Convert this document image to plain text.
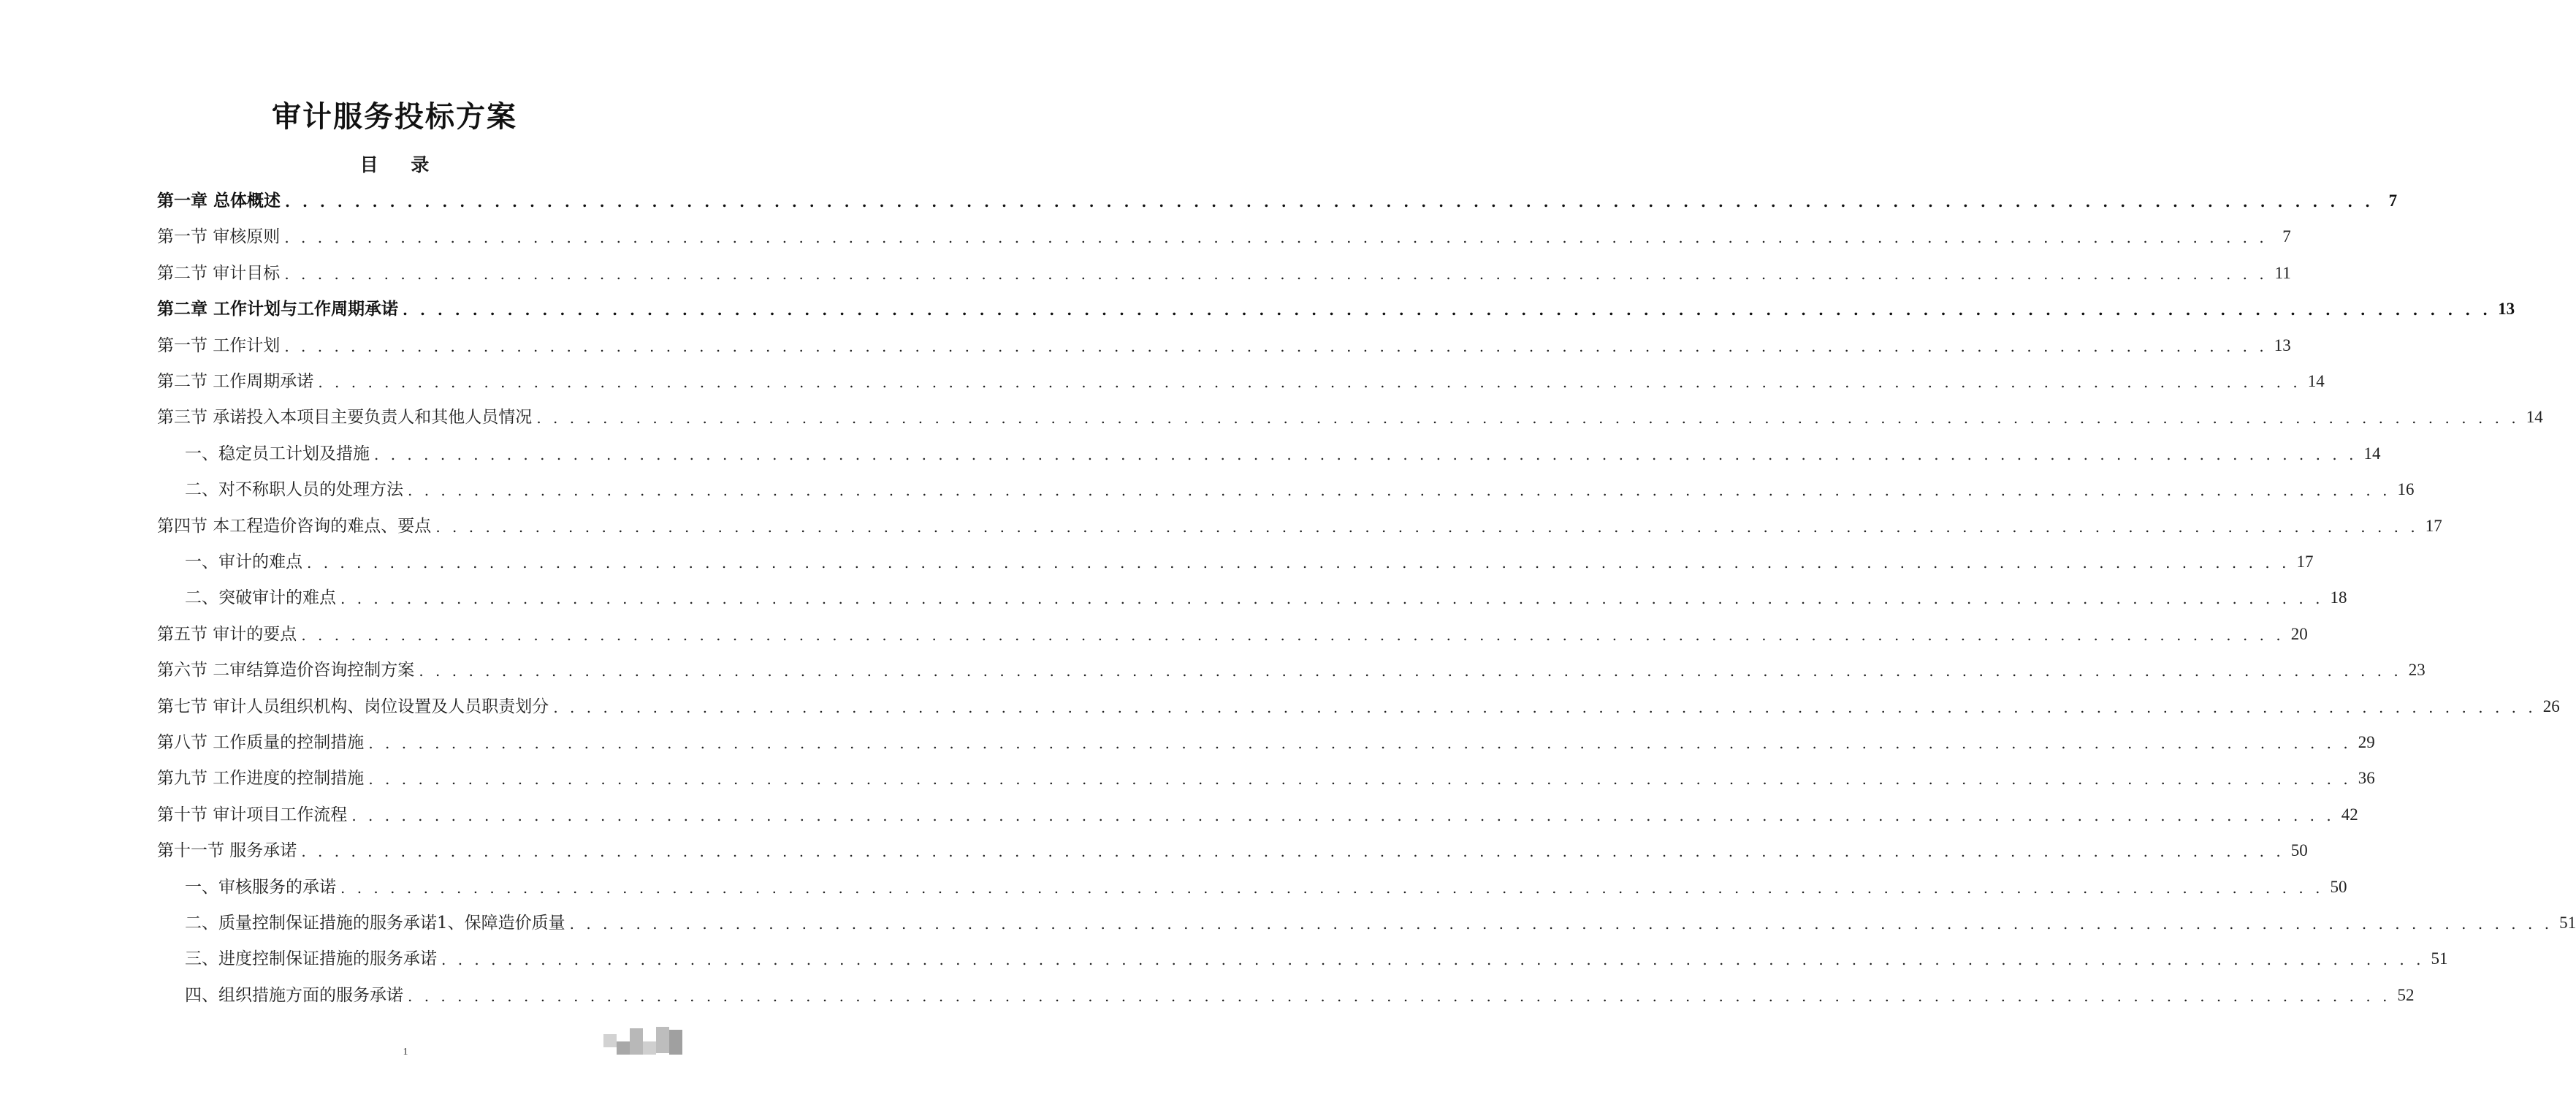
审计服务投标方案
目 录
第一章 总体概述 . . . . . . . . . . . . . . . . . . . . . . . . . . . . . . . . . . . . . . . . . . . . . . . . . . . . . . . . . . . . . . . . . . . . . . . . . . . . . . . . . . . . . . . . . . . . . . . . . . . . . . . . . . . . . . . . . . . . . . . . 7
第一节 审核原则 . . . . . . . . . . . . . . . . . . . . . . . . . . . . . . . . . . . . . . . . . . . . . . . . . . . . . . . . . . . . . . . . . . . . . . . . . . . . . . . . . . . . . . . . . . . . . . . . . . . . . . . . . . . . . . . . . . . . . . . . 7
第二节 审计目标 . . . . . . . . . . . . . . . . . . . . . . . . . . . . . . . . . . . . . . . . . . . . . . . . . . . . . . . . . . . . . . . . . . . . . . . . . . . . . . . . . . . . . . . . . . . . . . . . . . . . . . . . . . . . . . . . . . . . . . . . 11
第二章 工作计划与工作周期承诺 . . . . . . . . . . . . . . . . . . . . . . . . . . . . . . . . . . . . . . . . . . . . . . . . . . . . . . . . . . . . . . . . . . . . . . . . . . . . . . . . . . . . . . . . . . . . . . . . . . . . . . . . . . . . . . . . . . . . . . . . 13
第一节 工作计划 . . . . . . . . . . . . . . . . . . . . . . . . . . . . . . . . . . . . . . . . . . . . . . . . . . . . . . . . . . . . . . . . . . . . . . . . . . . . . . . . . . . . . . . . . . . . . . . . . . . . . . . . . . . . . . . . . . . . . . . . 13
第二节 工作周期承诺 . . . . . . . . . . . . . . . . . . . . . . . . . . . . . . . . . . . . . . . . . . . . . . . . . . . . . . . . . . . . . . . . . . . . . . . . . . . . . . . . . . . . . . . . . . . . . . . . . . . . . . . . . . . . . . . . . . . . . . . . 14
第三节 承诺投入本项目主要负责人和其他人员情况 . . . . . . . . . . . . . . . . . . . . . . . . . . . . . . . . . . . . . . . . . . . . . . . . . . . . . . . . . . . . . . . . . . . . . . . . . . . . . . . . . . . . . . . . . . . . . . . . . . . . . . . . . . . . . . . . . . . . . . . . 14
一、稳定员工计划及措施 . . . . . . . . . . . . . . . . . . . . . . . . . . . . . . . . . . . . . . . . . . . . . . . . . . . . . . . . . . . . . . . . . . . . . . . . . . . . . . . . . . . . . . . . . . . . . . . . . . . . . . . . . . . . . . . . . . . . . . . . 14
二、对不称职人员的处理方法 . . . . . . . . . . . . . . . . . . . . . . . . . . . . . . . . . . . . . . . . . . . . . . . . . . . . . . . . . . . . . . . . . . . . . . . . . . . . . . . . . . . . . . . . . . . . . . . . . . . . . . . . . . . . . . . . . . . . . . . . 16
第四节 本工程造价咨询的难点、要点 . . . . . . . . . . . . . . . . . . . . . . . . . . . . . . . . . . . . . . . . . . . . . . . . . . . . . . . . . . . . . . . . . . . . . . . . . . . . . . . . . . . . . . . . . . . . . . . . . . . . . . . . . . . . . . . . . . . . . . . . 17
一、审计的难点 . . . . . . . . . . . . . . . . . . . . . . . . . . . . . . . . . . . . . . . . . . . . . . . . . . . . . . . . . . . . . . . . . . . . . . . . . . . . . . . . . . . . . . . . . . . . . . . . . . . . . . . . . . . . . . . . . . . . . . . . 17
二、突破审计的难点 . . . . . . . . . . . . . . . . . . . . . . . . . . . . . . . . . . . . . . . . . . . . . . . . . . . . . . . . . . . . . . . . . . . . . . . . . . . . . . . . . . . . . . . . . . . . . . . . . . . . . . . . . . . . . . . . . . . . . . . . 18
第五节 审计的要点 . . . . . . . . . . . . . . . . . . . . . . . . . . . . . . . . . . . . . . . . . . . . . . . . . . . . . . . . . . . . . . . . . . . . . . . . . . . . . . . . . . . . . . . . . . . . . . . . . . . . . . . . . . . . . . . . . . . . . . . . 20
第六节 二审结算造价咨询控制方案 . . . . . . . . . . . . . . . . . . . . . . . . . . . . . . . . . . . . . . . . . . . . . . . . . . . . . . . . . . . . . . . . . . . . . . . . . . . . . . . . . . . . . . . . . . . . . . . . . . . . . . . . . . . . . . . . . . . . . . . . 23
第七节 审计人员组织机构、岗位设置及人员职责划分 . . . . . . . . . . . . . . . . . . . . . . . . . . . . . . . . . . . . . . . . . . . . . . . . . . . . . . . . . . . . . . . . . . . . . . . . . . . . . . . . . . . . . . . . . . . . . . . . . . . . . . . . . . . . . . . . . . . . . . . . 26
第八节 工作质量的控制措施 . . . . . . . . . . . . . . . . . . . . . . . . . . . . . . . . . . . . . . . . . . . . . . . . . . . . . . . . . . . . . . . . . . . . . . . . . . . . . . . . . . . . . . . . . . . . . . . . . . . . . . . . . . . . . . . . . . . . . . . . 29
第九节 工作进度的控制措施 . . . . . . . . . . . . . . . . . . . . . . . . . . . . . . . . . . . . . . . . . . . . . . . . . . . . . . . . . . . . . . . . . . . . . . . . . . . . . . . . . . . . . . . . . . . . . . . . . . . . . . . . . . . . . . . . . . . . . . . . 36
第十节 审计项目工作流程 . . . . . . . . . . . . . . . . . . . . . . . . . . . . . . . . . . . . . . . . . . . . . . . . . . . . . . . . . . . . . . . . . . . . . . . . . . . . . . . . . . . . . . . . . . . . . . . . . . . . . . . . . . . . . . . . . . . . . . . . 42
第十一节 服务承诺 . . . . . . . . . . . . . . . . . . . . . . . . . . . . . . . . . . . . . . . . . . . . . . . . . . . . . . . . . . . . . . . . . . . . . . . . . . . . . . . . . . . . . . . . . . . . . . . . . . . . . . . . . . . . . . . . . . . . . . . . 50
一、审核服务的承诺 . . . . . . . . . . . . . . . . . . . . . . . . . . . . . . . . . . . . . . . . . . . . . . . . . . . . . . . . . . . . . . . . . . . . . . . . . . . . . . . . . . . . . . . . . . . . . . . . . . . . . . . . . . . . . . . . . . . . . . . . 50
二、质量控制保证措施的服务承诺1、保障造价质量 . . . . . . . . . . . . . . . . . . . . . . . . . . . . . . . . . . . . . . . . . . . . . . . . . . . . . . . . . . . . . . . . . . . . . . . . . . . . . . . . . . . . . . . . . . . . . . . . . . . . . . . . . . . . . . . . . . . . . . . . 51
三、进度控制保证措施的服务承诺 . . . . . . . . . . . . . . . . . . . . . . . . . . . . . . . . . . . . . . . . . . . . . . . . . . . . . . . . . . . . . . . . . . . . . . . . . . . . . . . . . . . . . . . . . . . . . . . . . . . . . . . . . . . . . . . . . . . . . . . . 51
四、组织措施方面的服务承诺 . . . . . . . . . . . . . . . . . . . . . . . . . . . . . . . . . . . . . . . . . . . . . . . . . . . . . . . . . . . . . . . . . . . . . . . . . . . . . . . . . . . . . . . . . . . . . . . . . . . . . . . . . . . . . . . . . . . . . . . . 52
1
